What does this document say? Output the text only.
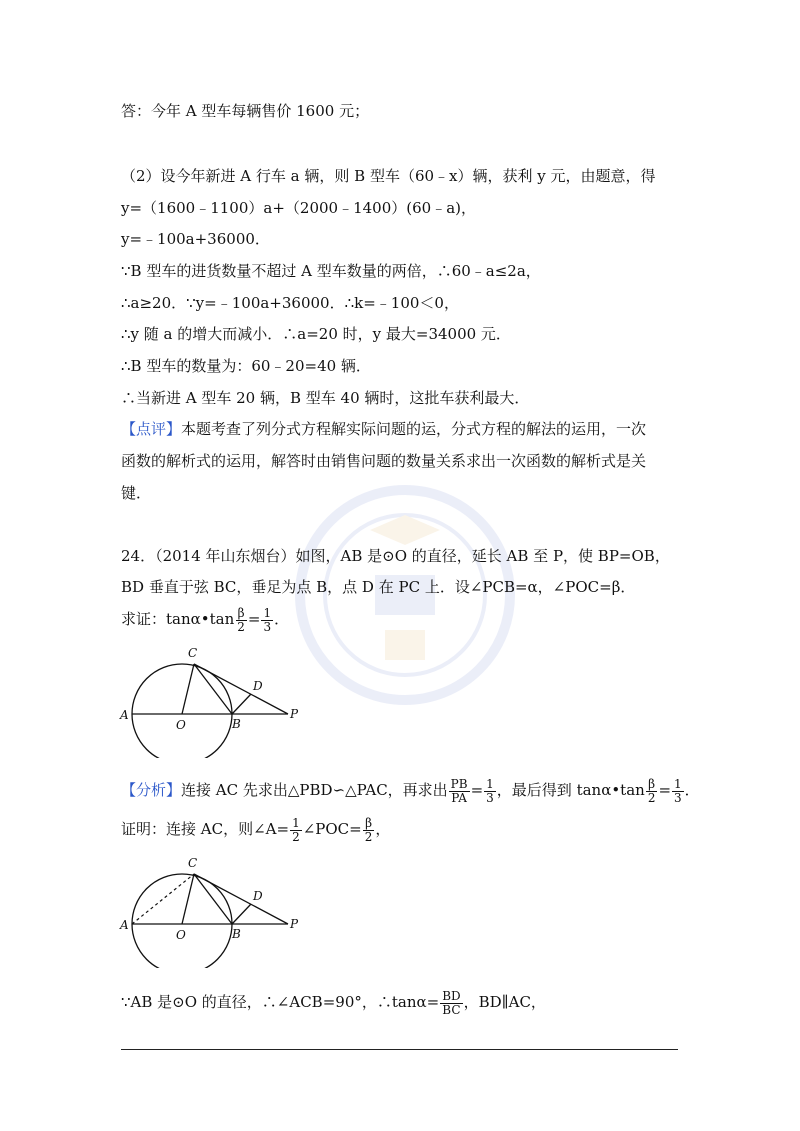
答：今年 A 型车每辆售价 1600 元；
（2）设今年新进 A 行车 a 辆，则 B 型车（60﹣x）辆，获利 y 元，由题意，得
y=（1600﹣1100）a+（2000﹣1400）(60﹣a)，
y=﹣100a+36000．
∵B 型车的进货数量不超过 A 型车数量的两倍，∴60﹣a≤2a，
∴a≥20．∵y=﹣100a+36000．∴k=﹣100＜0，
∴y 随 a 的增大而减小．∴a=20 时，y 最大=34000 元．
∴B 型车的数量为：60﹣20=40 辆．
∴当新进 A 型车 20 辆，B 型车 40 辆时，这批车获利最大．
【点评】本题考查了列分式方程解实际问题的运，分式方程的解法的运用，一次
函数的解析式的运用，解答时由销售问题的数量关系求出一次函数的解析式是关
键．
24．（2014 年山东烟台）如图，AB 是⊙O 的直径，延长 AB 至 P，使 BP=OB，
BD 垂直于弦 BC，垂足为点 B，点 D 在 PC 上．设∠PCB=α，∠POC=β．
求证：tanα•tan $\frac{\beta}{2} = \frac{1}{3}$ ．
A
O	B
C
D
P
【分析】连接 AC 先求出△PBD∽△PAC，再求出 $\frac{PB}{PA} = \frac{1}{3}$ ，最后得到 tanα•tan $\frac{\beta}{2} = \frac{1}{3}$ ．
证明：连接 AC，则∠A= $\frac{1}{2}$ ∠POC= $\frac{\beta}{2}$ ，
A
O	B
C
D
P
∵AB 是⊙O 的直径，∴∠ACB=90°，∴tanα= $\frac{BD}{BC}$ ，BD∥AC，
